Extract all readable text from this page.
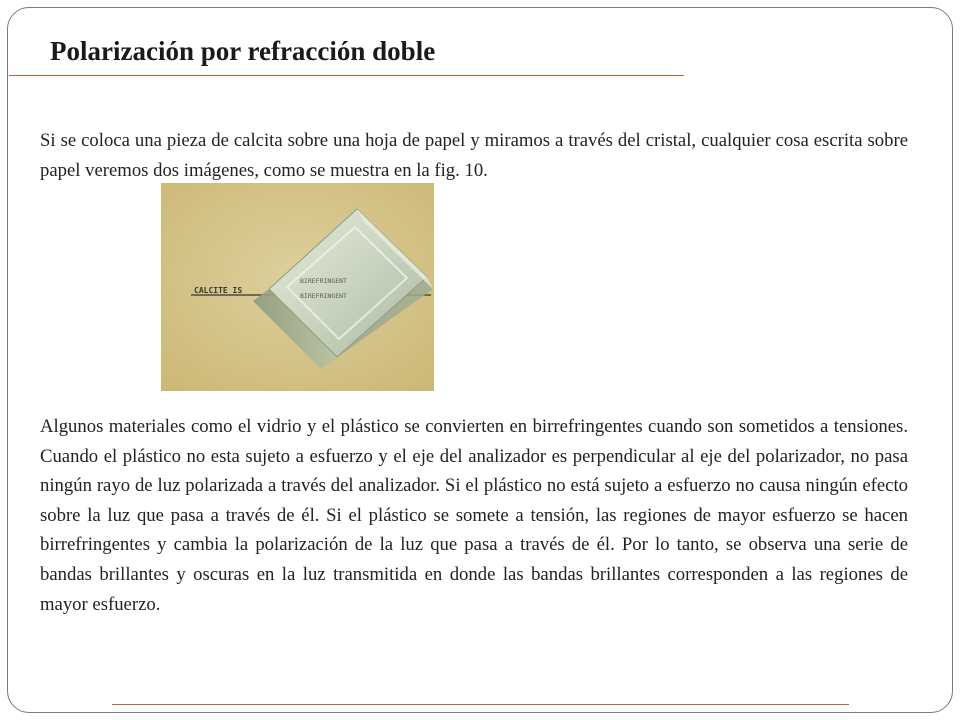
Polarización por refracción doble

Si se coloca una pieza de calcita sobre una hoja de papel y miramos a través del cristal, cualquier cosa escrita sobre papel veremos dos imágenes, como se muestra en la fig. 10.

CALCITE IS
BIREFRINGENT
BIREFRINGENT

Algunos materiales como el vidrio y el plástico se convierten en birrefringentes cuando son sometidos a tensiones. Cuando el plástico no esta sujeto a esfuerzo y el eje del analizador es perpendicular al eje del polarizador, no pasa ningún rayo de luz polarizada a través del analizador. Si el plástico no está sujeto a esfuerzo no causa ningún efecto sobre la luz que pasa a través de él. Si el plástico se somete a tensión, las regiones de mayor esfuerzo se hacen birrefringentes y cambia la polarización de la luz que pasa a través de él. Por lo tanto, se observa una serie de bandas brillantes y oscuras en la luz transmitida en donde las bandas brillantes corresponden a las regiones de mayor esfuerzo.
